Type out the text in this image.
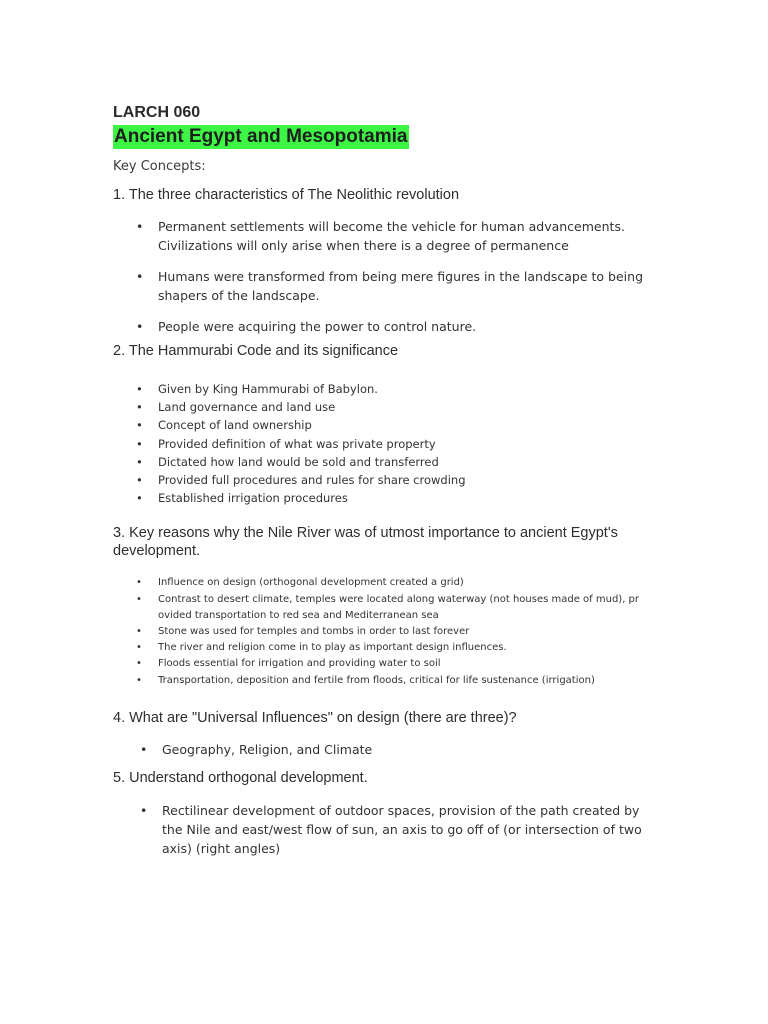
LARCH 060
Ancient Egypt and Mesopotamia
Key Concepts:
1. The three characteristics of The Neolithic revolution
• Permanent settlements will become the vehicle for human advancements. Civilizations will only arise when there is a degree of permanence
• Humans were transformed from being mere figures in the landscape to being shapers of the landscape.
• People were acquiring the power to control nature.
2. The Hammurabi Code and its significance
• Given by King Hammurabi of Babylon.
• Land governance and land use
• Concept of land ownership
• Provided definition of what was private property
• Dictated how land would be sold and transferred
• Provided full procedures and rules for share crowding
• Established irrigation procedures
3. Key reasons why the Nile River was of utmost importance to ancient Egypt's development.
• Influence on design (orthogonal development created a grid)
• Contrast to desert climate, temples were located along waterway (not houses made of mud), pr ovided transportation to red sea and Mediterranean sea
• Stone was used for temples and tombs in order to last forever
• The river and religion come in to play as important design influences.
• Floods essential for irrigation and providing water to soil
• Transportation, deposition and fertile from floods, critical for life sustenance (irrigation)
4. What are "Universal Influences" on design (there are three)?
• Geography, Religion, and Climate
5. Understand orthogonal development.
• Rectilinear development of outdoor spaces, provision of the path created by the Nile and east/west flow of sun, an axis to go off of (or intersection of two axis) (right angles)
